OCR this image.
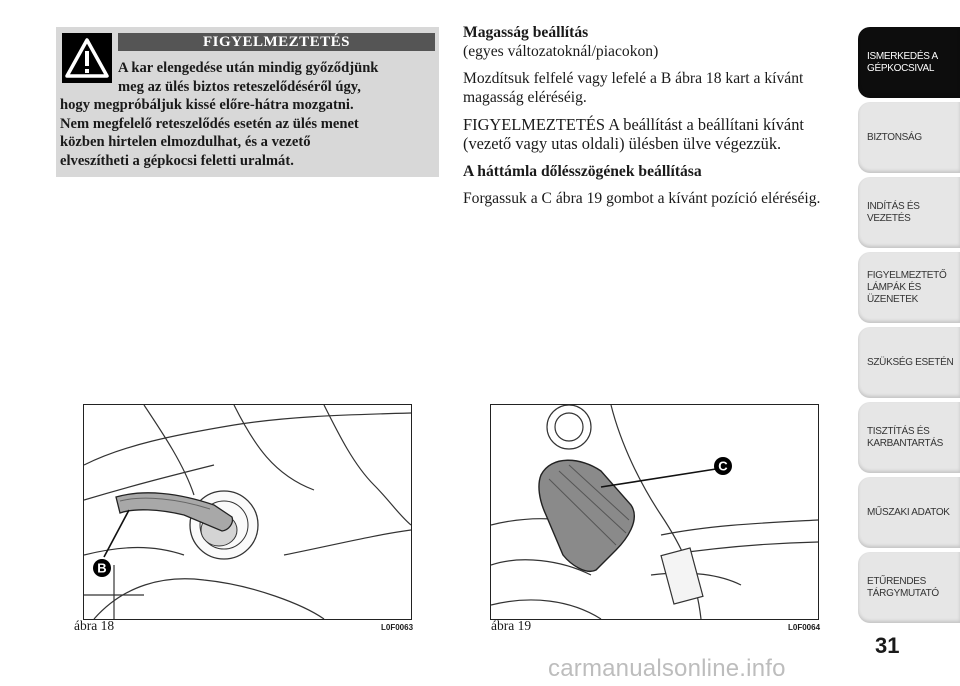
FIGYELMEZTETÉS
A kar elengedése után mindig győződjünk
meg az ülés biztos reteszelődéséről úgy,
hogy megpróbáljuk kissé előre-hátra mozgatni.
Nem megfelelő reteszelődés esetén az ülés menet
közben hirtelen elmozdulhat, és a vezető
elveszítheti a gépkocsi feletti uralmát.

Magasság beállítás

(egyes változatoknál/piacokon)

Mozdítsuk felfelé vagy lefelé a B ábra 18 kart a kívánt magasság eléréséig.

FIGYELMEZTETÉS A beállítást a beállítani kívánt (vezető vagy utas oldali) ülésben ülve végezzük.

A háttámla dőlésszögének beállítása

Forgassuk a C ábra 19 gombot a kívánt pozíció eléréséig.

ISMERKEDÉS A
GÉPKOCSIVAL
BIZTONSÁG
INDÍTÁS ÉS
VEZETÉS
FIGYELMEZTETŐ
LÁMPÁK ÉS
ÜZENETEK
SZÜKSÉG ESETÉN
TISZTÍTÁS ÉS
KARBANTARTÁS
MŰSZAKI ADATOK
ETŰRENDES
TÁRGYMUTATÓ
B
ábra 18	L0F0063
C
ábra 19	L0F0064
31
carmanualsonline.info
